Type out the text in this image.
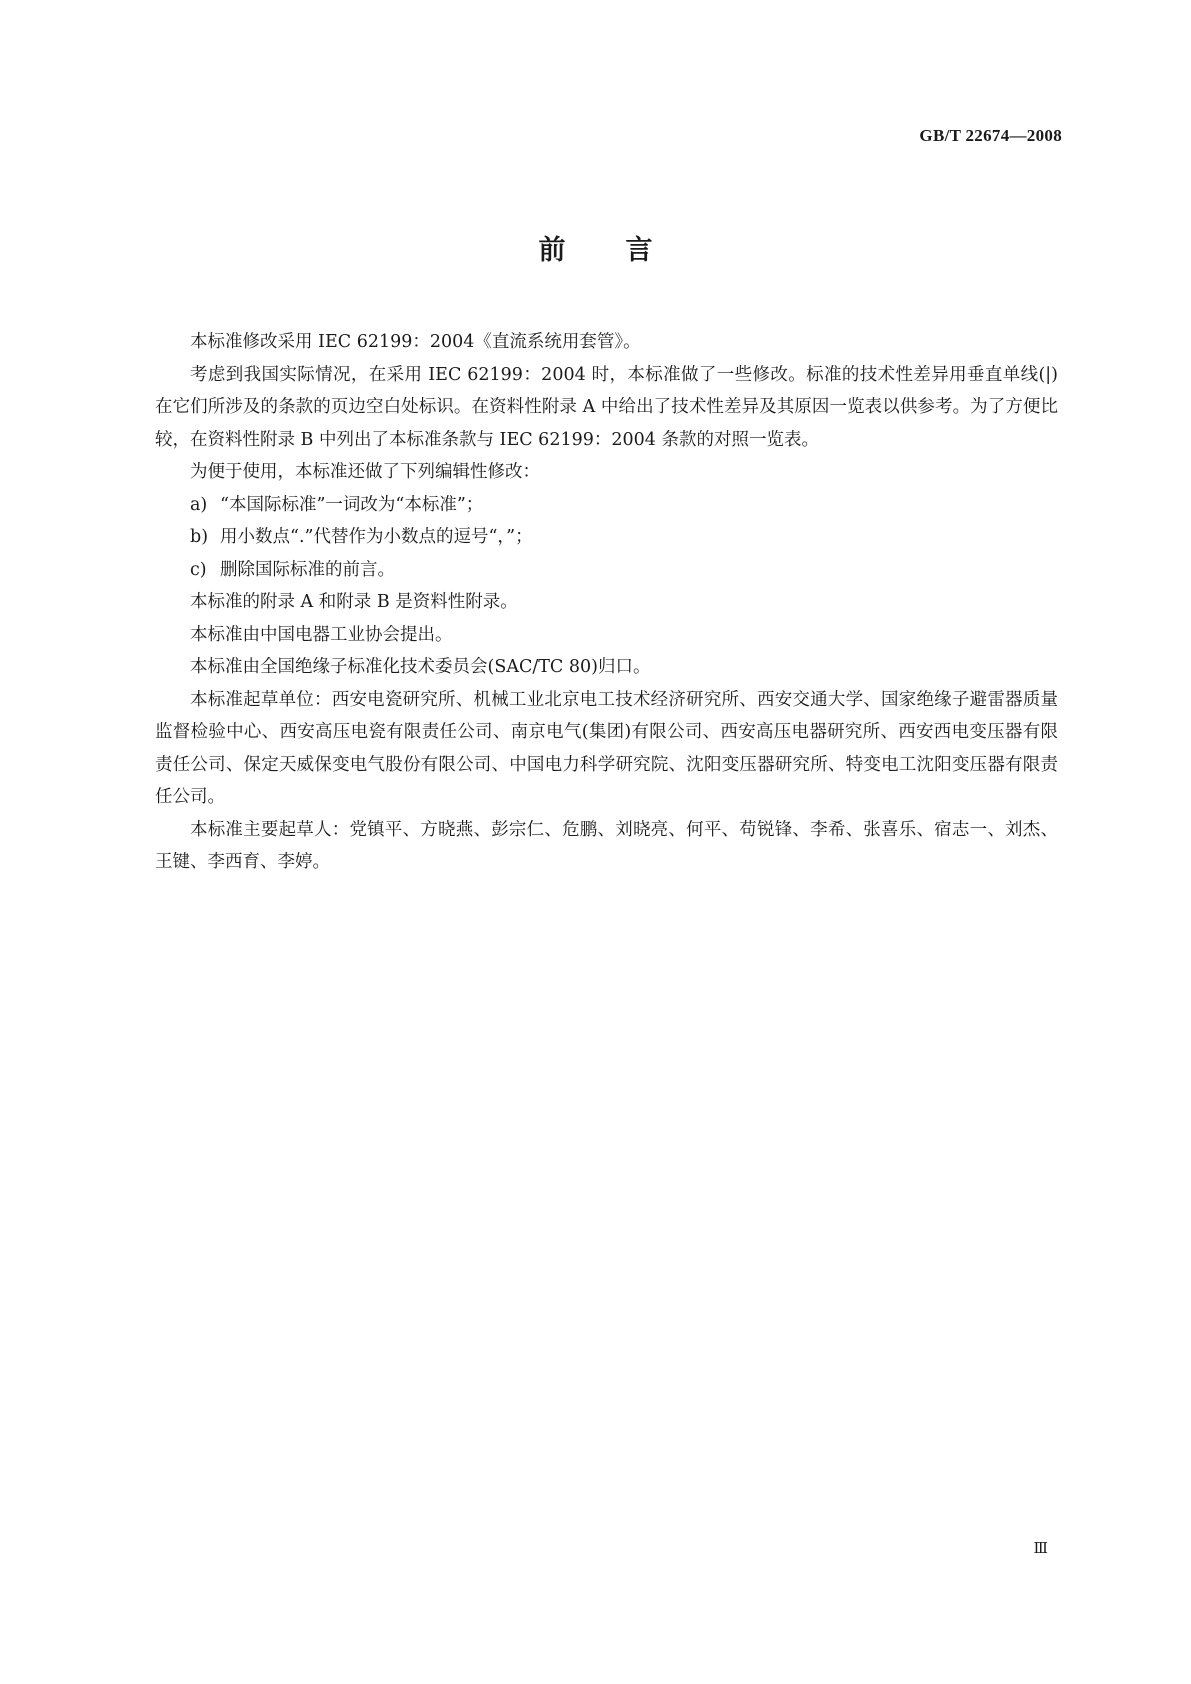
GB/T 22674—2008
前言

本标准修改采用 IEC 62199：2004《直流系统用套管》。

考虑到我国实际情况，在采用 IEC 62199：2004 时，本标准做了一些修改。标准的技术性差异用垂直单线(|)在它们所涉及的条款的页边空白处标识。在资料性附录 A 中给出了技术性差异及其原因一览表以供参考。为了方便比较，在资料性附录 B 中列出了本标准条款与 IEC 62199：2004 条款的对照一览表。

为便于使用，本标准还做了下列编辑性修改：

a) “本国际标准”一词改为“本标准”；

b) 用小数点“.”代替作为小数点的逗号“，”；

c) 删除国际标准的前言。

本标准的附录 A 和附录 B 是资料性附录。

本标准由中国电器工业协会提出。

本标准由全国绝缘子标准化技术委员会(SAC/TC 80)归口。

本标准起草单位：西安电瓷研究所、机械工业北京电工技术经济研究所、西安交通大学、国家绝缘子避雷器质量监督检验中心、西安高压电瓷有限责任公司、南京电气(集团)有限公司、西安高压电器研究所、西安西电变压器有限责任公司、保定天威保变电气股份有限公司、中国电力科学研究院、沈阳变压器研究所、特变电工沈阳变压器有限责任公司。

本标准主要起草人：党镇平、方晓燕、彭宗仁、危鹏、刘晓亮、何平、苟锐锋、李希、张喜乐、宿志一、刘杰、王键、李西育、李婷。

Ⅲ
